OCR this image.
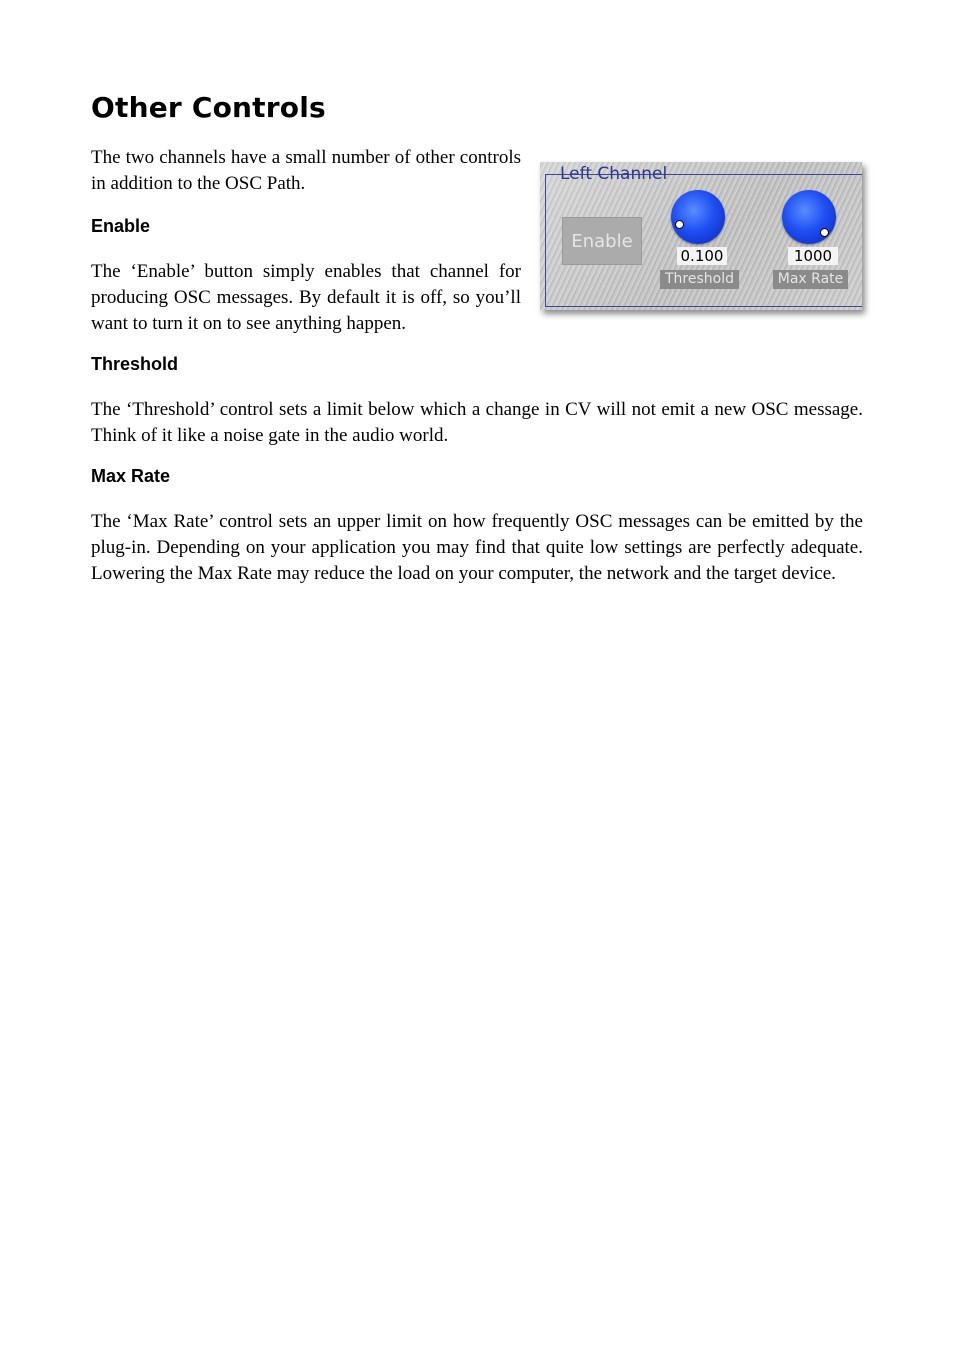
Other Controls

The two channels have a small number of other controls in addition to the OSC Path.

Enable

The ‘Enable’ button simply enables that channel for producing OSC messages. By default it is off, so you’ll want to turn it on to see anything happen.

Threshold

The ‘Threshold’ control sets a limit below which a change in CV will not emit a new OSC message. Think of it like a noise gate in the audio world.

Max Rate

The ‘Max Rate’ control sets an upper limit on how frequently OSC messages can be emitted by the plug-in. Depending on your application you may find that quite low settings are perfectly adequate. Lowering the Max Rate may reduce the load on your computer, the network and the target device.

Left Channel
Enable
0.100
Threshold
1000
Max Rate
